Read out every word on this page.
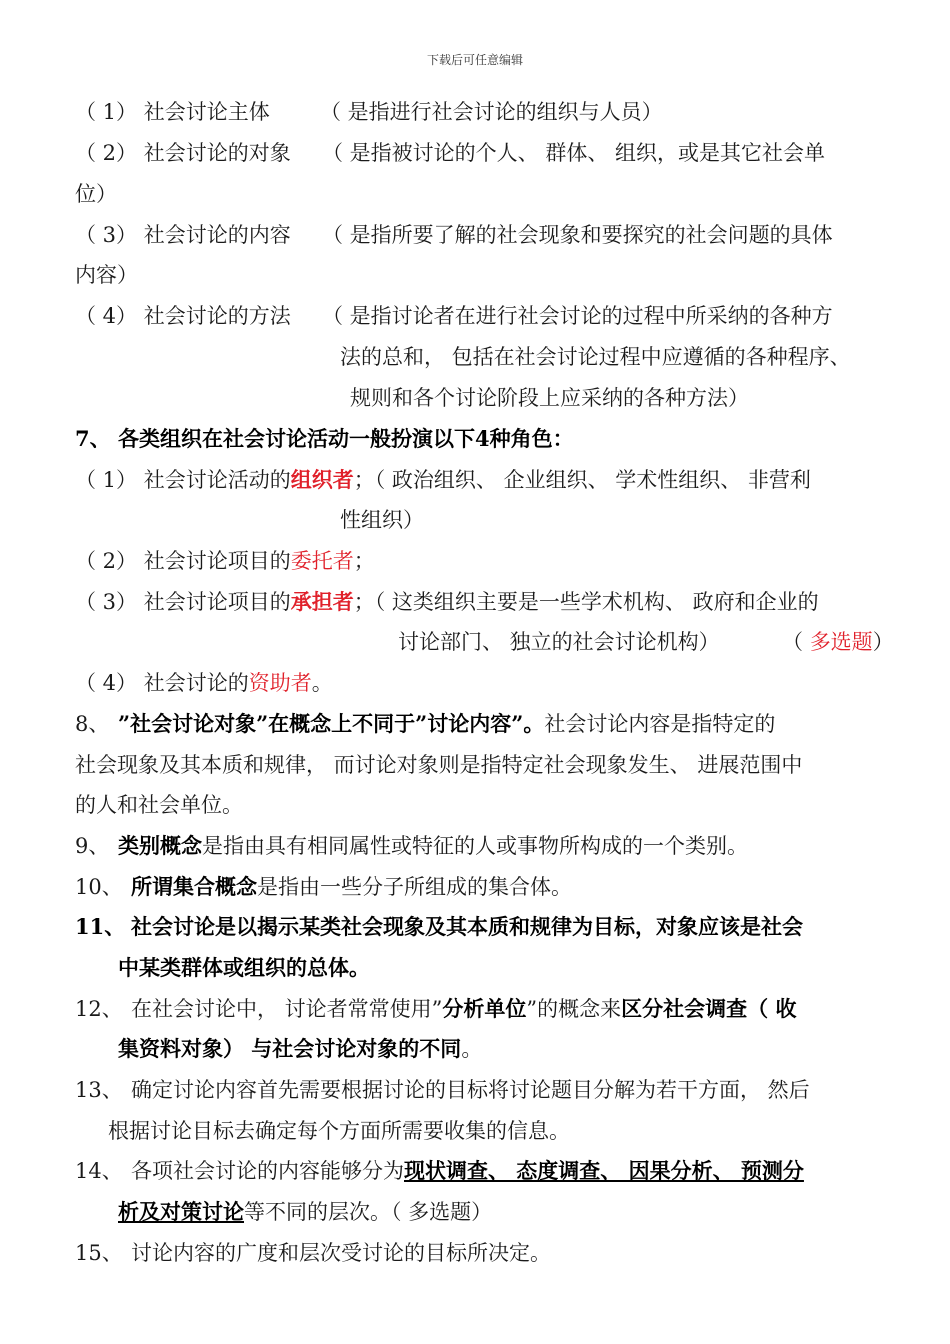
下载后可任意编辑
（ 1） 社会讨论主体 （ 是指进行社会讨论的组织与人员）
（ 2） 社会讨论的对象 （ 是指被讨论的个人、 群体、 组织，或是其它社会单
位）
（ 3） 社会讨论的内容 （ 是指所要了解的社会现象和要探究的社会问题的具体
内容）
（ 4） 社会讨论的方法 （ 是指讨论者在进行社会讨论的过程中所采纳的各种方
法的总和， 包括在社会讨论过程中应遵循的各种程序、
规则和各个讨论阶段上应采纳的各种方法）
7、 各类组织在社会讨论活动一般扮演以下4种角色：
（ 1） 社会讨论活动的组织者；（ 政治组织、 企业组织、 学术性组织、 非营利
性组织）
（ 2） 社会讨论项目的委托者；
（ 3） 社会讨论项目的承担者；（ 这类组织主要是一些学术机构、 政府和企业的
讨论部门、 独立的社会讨论机构）	（ 多选题）
（ 4） 社会讨论的资助者。
8、 ”社会讨论对象”在概念上不同于”讨论内容”。社会讨论内容是指特定的
社会现象及其本质和规律， 而讨论对象则是指特定社会现象发生、 进展范围中
的人和社会单位。
9、 类别概念是指由具有相同属性或特征的人或事物所构成的一个类别。
10、 所谓集合概念是指由一些分子所组成的集合体。
11、 社会讨论是以揭示某类社会现象及其本质和规律为目标，对象应该是社会
中某类群体或组织的总体。
12、 在社会讨论中， 讨论者常常使用”分析单位”的概念来区分社会调查（ 收
集资料对象） 与社会讨论对象的不同。
13、 确定讨论内容首先需要根据讨论的目标将讨论题目分解为若干方面， 然后
根据讨论目标去确定每个方面所需要收集的信息。
14、 各项社会讨论的内容能够分为现状调查、 态度调查、 因果分析、 预测分
析及对策讨论等不同的层次。（ 多选题）
15、 讨论内容的广度和层次受讨论的目标所决定。
